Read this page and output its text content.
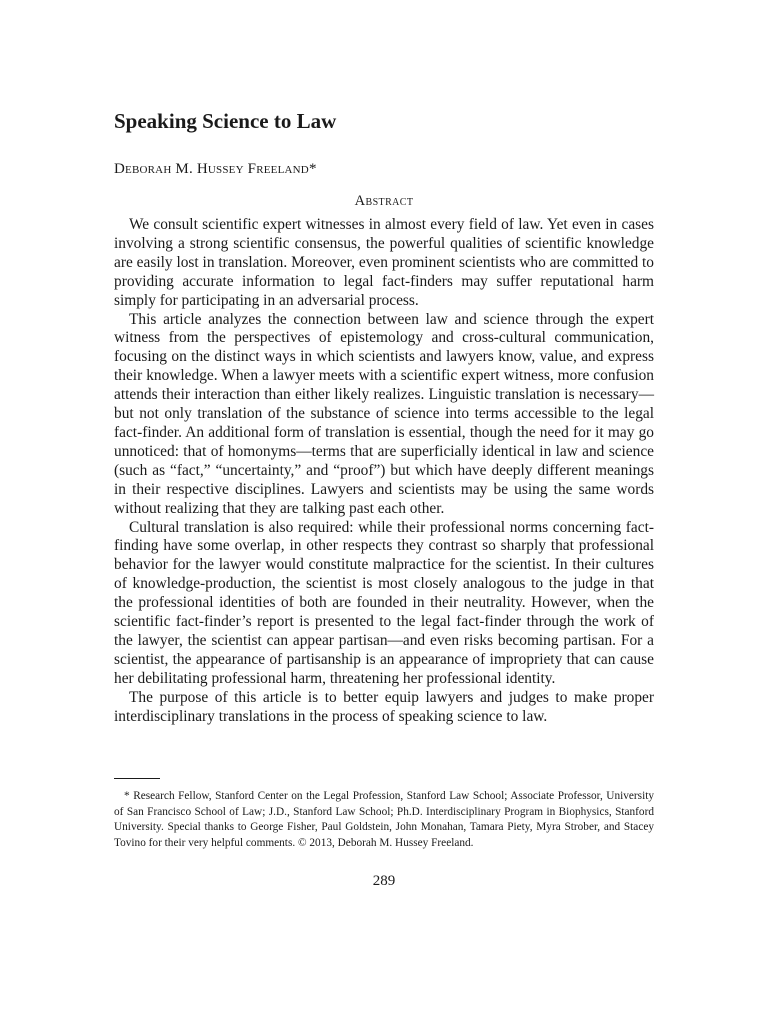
Speaking Science to Law
Deborah M. Hussey Freeland*
Abstract

We consult scientific expert witnesses in almost every field of law. Yet even in cases involving a strong scientific consensus, the powerful qualities of scientific knowledge are easily lost in translation. Moreover, even prominent scientists who are committed to providing accurate information to legal fact-finders may suffer reputational harm simply for participating in an adversarial process.

This article analyzes the connection between law and science through the expert witness from the perspectives of epistemology and cross-cultural communication, focusing on the distinct ways in which scientists and lawyers know, value, and express their knowledge. When a lawyer meets with a scientific expert witness, more confusion attends their interaction than either likely realizes. Linguistic translation is necessary—but not only translation of the substance of science into terms accessible to the legal fact-finder. An additional form of translation is essential, though the need for it may go unnoticed: that of homonyms—terms that are superficially identical in law and science (such as “fact,” “uncertainty,” and “proof”) but which have deeply different meanings in their respective disciplines. Lawyers and scientists may be using the same words without realizing that they are talking past each other.

Cultural translation is also required: while their professional norms concerning fact-finding have some overlap, in other respects they contrast so sharply that professional behavior for the lawyer would constitute malpractice for the scientist. In their cultures of knowledge-production, the scientist is most closely analogous to the judge in that the professional identities of both are founded in their neutrality. However, when the scientific fact-finder’s report is presented to the legal fact-finder through the work of the lawyer, the scientist can appear partisan—and even risks becoming partisan. For a scientist, the appearance of partisanship is an appearance of impropriety that can cause her debilitating professional harm, threatening her professional identity.

The purpose of this article is to better equip lawyers and judges to make proper interdisciplinary translations in the process of speaking science to law.

* Research Fellow, Stanford Center on the Legal Profession, Stanford Law School; Associate Professor, University of San Francisco School of Law; J.D., Stanford Law School; Ph.D. Interdisciplinary Program in Biophysics, Stanford University. Special thanks to George Fisher, Paul Goldstein, John Monahan, Tamara Piety, Myra Strober, and Stacey Tovino for their very helpful comments. © 2013, Deborah M. Hussey Freeland.
289
